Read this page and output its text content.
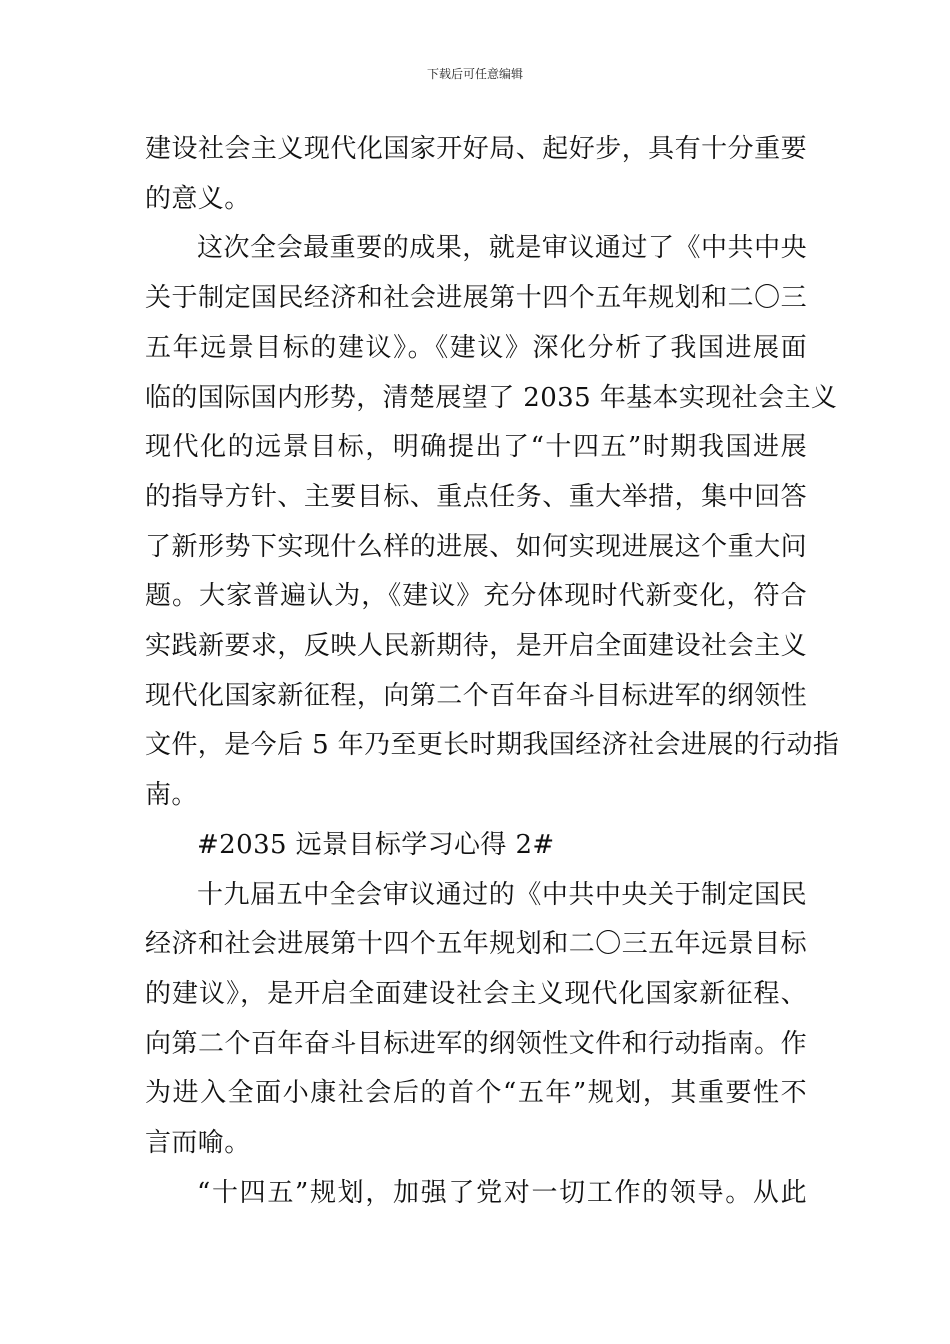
下载后可任意编辑

建设社会主义现代化国家开好局、起好步，具有十分重要
的意义。

这次全会最重要的成果，就是审议通过了《中共中央
关于制定国民经济和社会进展第十四个五年规划和二〇三
五年远景目标的建议》。《建议》深化分析了我国进展面
临的国际国内形势，清楚展望了 2035 年基本实现社会主义
现代化的远景目标，明确提出了“十四五”时期我国进展
的指导方针、主要目标、重点任务、重大举措，集中回答
了新形势下实现什么样的进展、如何实现进展这个重大问
题。大家普遍认为，《建议》充分体现时代新变化，符合
实践新要求，反映人民新期待，是开启全面建设社会主义
现代化国家新征程，向第二个百年奋斗目标进军的纲领性
文件，是今后 5 年乃至更长时期我国经济社会进展的行动指
南。

#2035 远景目标学习心得 2#

十九届五中全会审议通过的《中共中央关于制定国民
经济和社会进展第十四个五年规划和二〇三五年远景目标
的建议》，是开启全面建设社会主义现代化国家新征程、
向第二个百年奋斗目标进军的纲领性文件和行动指南。作
为进入全面小康社会后的首个“五年”规划，其重要性不
言而喻。

“十四五”规划，加强了党对一切工作的领导。从此
